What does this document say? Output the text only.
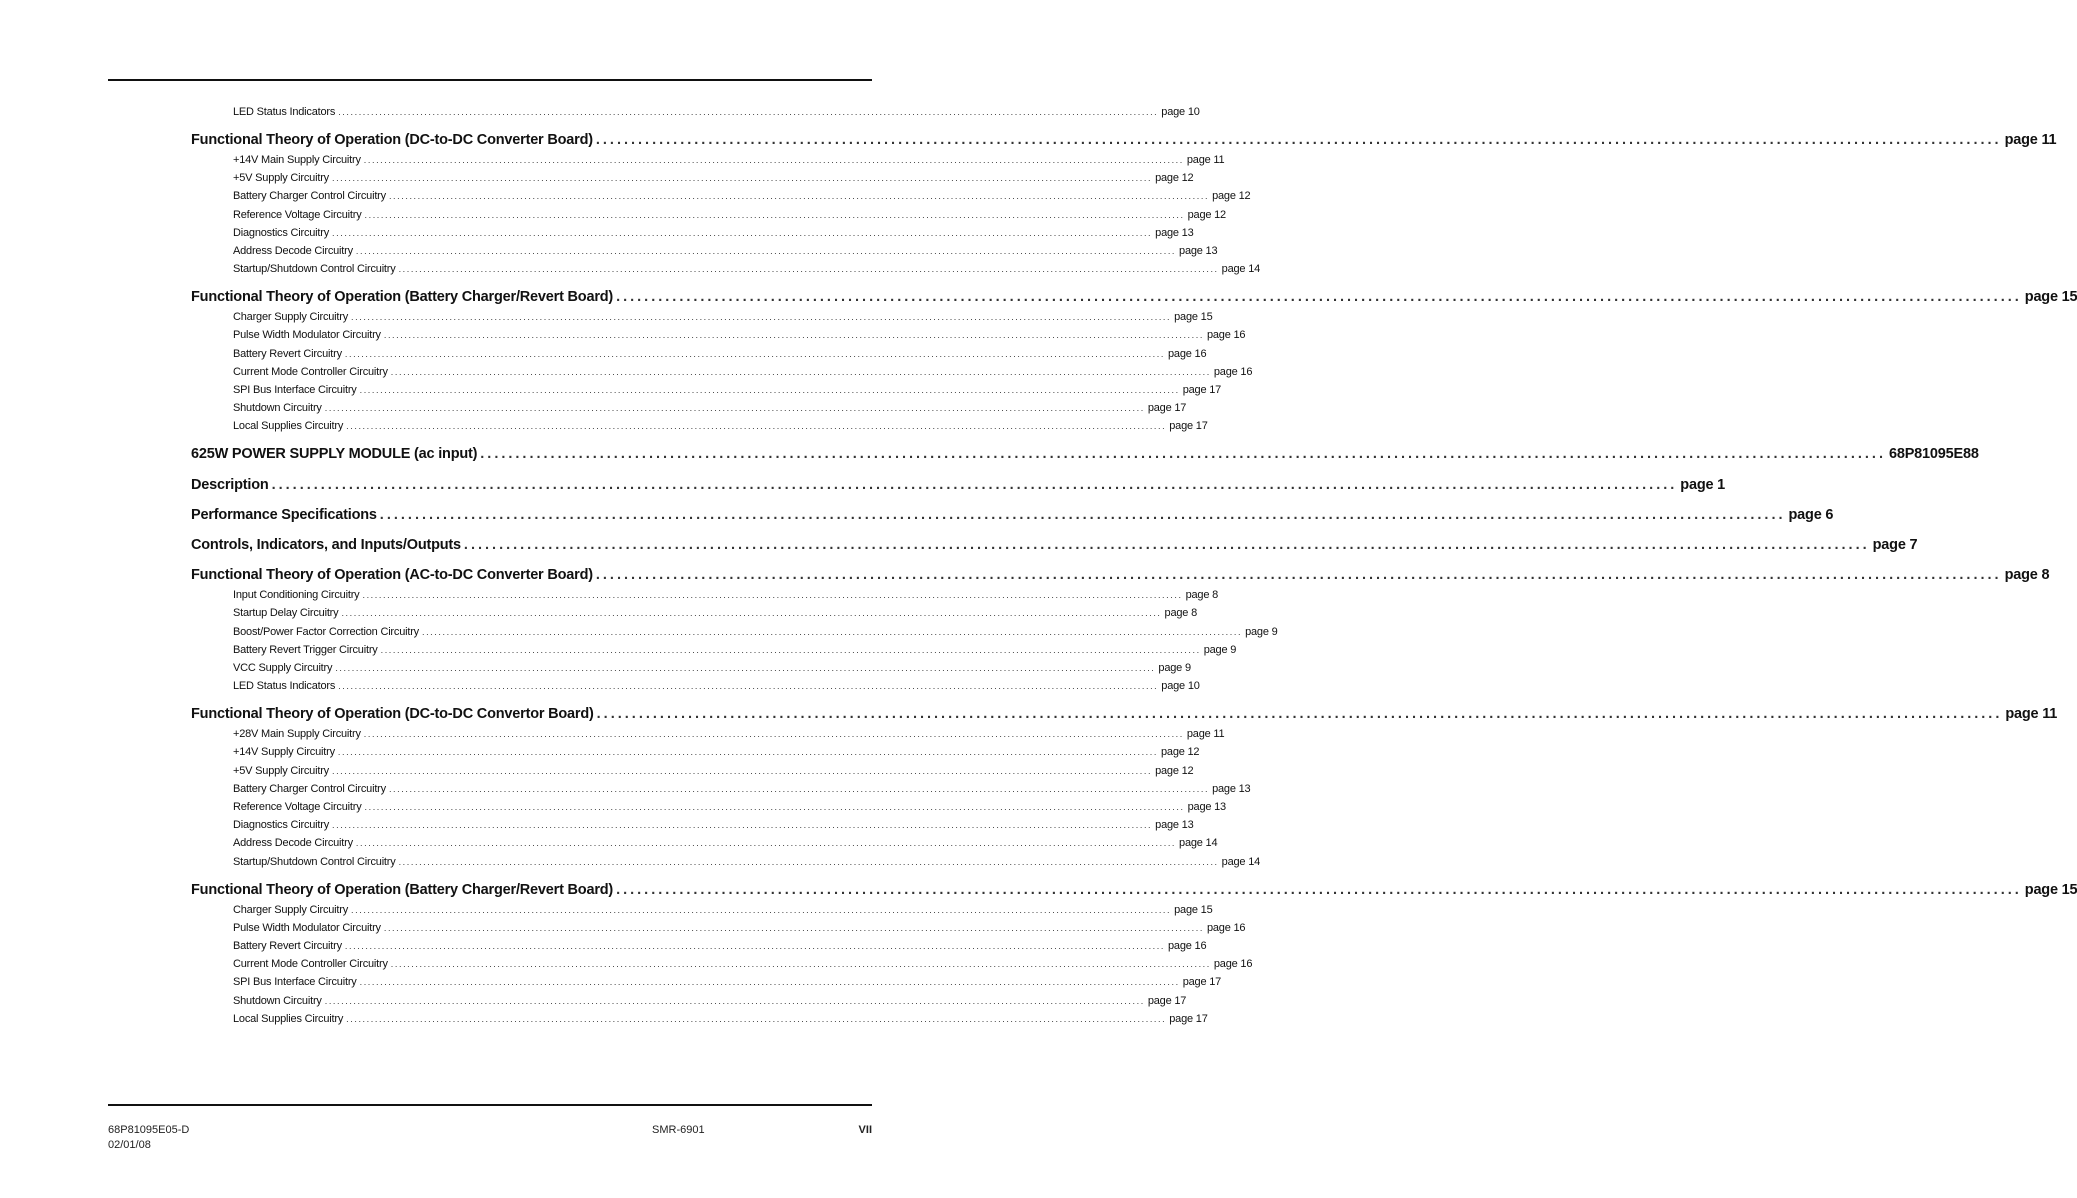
LED Status Indicators ........................................................................................................................................................................................................ page 10
Functional Theory of Operation (DC-to-DC Converter Board) ........................................................................................................................................................................................................ page 11
+14V Main Supply Circuitry ........................................................................................................................................................................................................ page 11
+5V Supply Circuitry ........................................................................................................................................................................................................ page 12
Battery Charger Control Circuitry ........................................................................................................................................................................................................ page 12
Reference Voltage Circuitry ........................................................................................................................................................................................................ page 12
Diagnostics Circuitry ........................................................................................................................................................................................................ page 13
Address Decode Circuitry ........................................................................................................................................................................................................ page 13
Startup/Shutdown Control Circuitry ........................................................................................................................................................................................................ page 14
Functional Theory of Operation (Battery Charger/Revert Board) ........................................................................................................................................................................................................ page 15
Charger Supply Circuitry ........................................................................................................................................................................................................ page 15
Pulse Width Modulator Circuitry ........................................................................................................................................................................................................ page 16
Battery Revert Circuitry ........................................................................................................................................................................................................ page 16
Current Mode Controller Circuitry ........................................................................................................................................................................................................ page 16
SPI Bus Interface Circuitry ........................................................................................................................................................................................................ page 17
Shutdown Circuitry ........................................................................................................................................................................................................ page 17
Local Supplies Circuitry ........................................................................................................................................................................................................ page 17
625W POWER SUPPLY MODULE (ac input) ........................................................................................................................................................................................................ 68P81095E88
Description ........................................................................................................................................................................................................ page 1
Performance Specifications ........................................................................................................................................................................................................ page 6
Controls, Indicators, and Inputs/Outputs ........................................................................................................................................................................................................ page 7
Functional Theory of Operation (AC-to-DC Converter Board) ........................................................................................................................................................................................................ page 8
Input Conditioning Circuitry ........................................................................................................................................................................................................ page 8
Startup Delay Circuitry ........................................................................................................................................................................................................ page 8
Boost/Power Factor Correction Circuitry ........................................................................................................................................................................................................ page 9
Battery Revert Trigger Circuitry ........................................................................................................................................................................................................ page 9
VCC Supply Circuitry ........................................................................................................................................................................................................ page 9
LED Status Indicators ........................................................................................................................................................................................................ page 10
Functional Theory of Operation (DC-to-DC Convertor Board) ........................................................................................................................................................................................................ page 11
+28V Main Supply Circuitry ........................................................................................................................................................................................................ page 11
+14V Supply Circuitry ........................................................................................................................................................................................................ page 12
+5V Supply Circuitry ........................................................................................................................................................................................................ page 12
Battery Charger Control Circuitry ........................................................................................................................................................................................................ page 13
Reference Voltage Circuitry ........................................................................................................................................................................................................ page 13
Diagnostics Circuitry ........................................................................................................................................................................................................ page 13
Address Decode Circuitry ........................................................................................................................................................................................................ page 14
Startup/Shutdown Control Circuitry ........................................................................................................................................................................................................ page 14
Functional Theory of Operation (Battery Charger/Revert Board) ........................................................................................................................................................................................................ page 15
Charger Supply Circuitry ........................................................................................................................................................................................................ page 15
Pulse Width Modulator Circuitry ........................................................................................................................................................................................................ page 16
Battery Revert Circuitry ........................................................................................................................................................................................................ page 16
Current Mode Controller Circuitry ........................................................................................................................................................................................................ page 16
SPI Bus Interface Circuitry ........................................................................................................................................................................................................ page 17
Shutdown Circuitry ........................................................................................................................................................................................................ page 17
Local Supplies Circuitry ........................................................................................................................................................................................................ page 17
68P81095E05-D
02/01/08
SMR-6901	VII
